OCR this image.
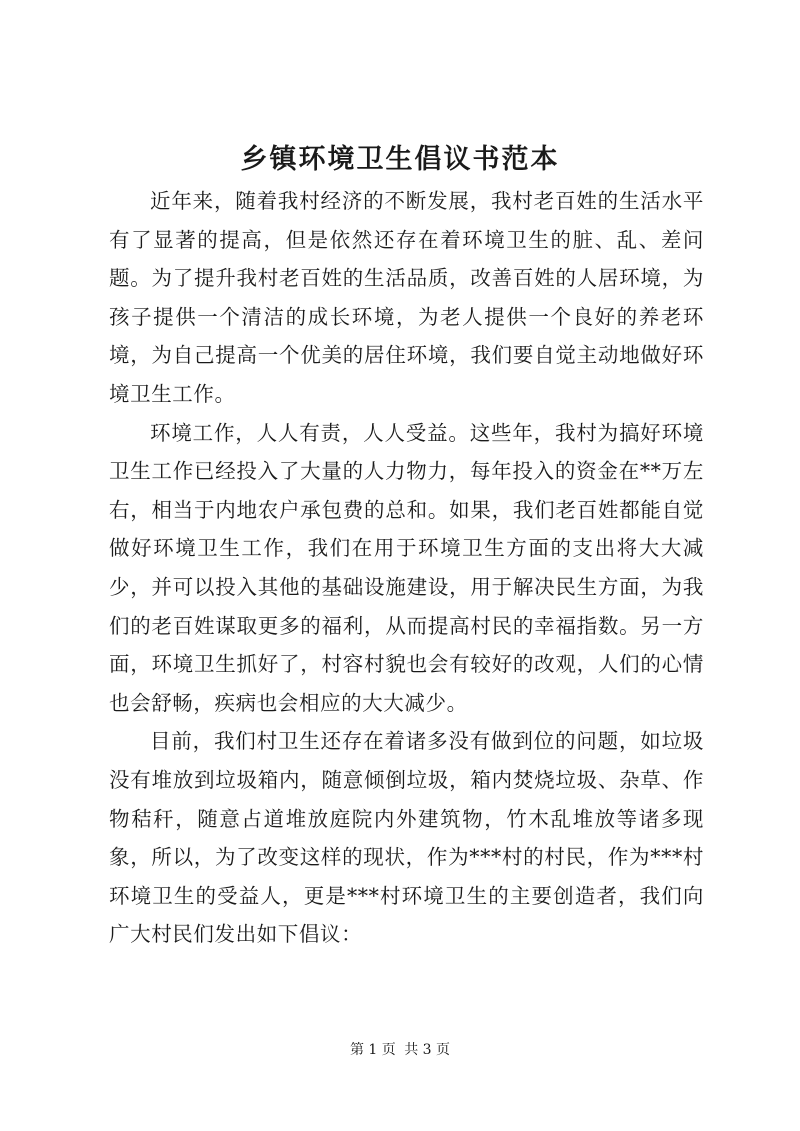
乡镇环境卫生倡议书范本

近年来，随着我村经济的不断发展，我村老百姓的生活水平有了显著的提高，但是依然还存在着环境卫生的脏、乱、差问题。为了提升我村老百姓的生活品质，改善百姓的人居环境，为孩子提供一个清洁的成长环境，为老人提供一个良好的养老环境，为自己提高一个优美的居住环境，我们要自觉主动地做好环境卫生工作。

环境工作，人人有责，人人受益。这些年，我村为搞好环境卫生工作已经投入了大量的人力物力，每年投入的资金在**万左右，相当于内地农户承包费的总和。如果，我们老百姓都能自觉做好环境卫生工作，我们在用于环境卫生方面的支出将大大减少，并可以投入其他的基础设施建设，用于解决民生方面，为我们的老百姓谋取更多的福利，从而提高村民的幸福指数。另一方面，环境卫生抓好了，村容村貌也会有较好的改观，人们的心情也会舒畅，疾病也会相应的大大减少。

目前，我们村卫生还存在着诸多没有做到位的问题，如垃圾没有堆放到垃圾箱内，随意倾倒垃圾，箱内焚烧垃圾、杂草、作物秸秆，随意占道堆放庭院内外建筑物，竹木乱堆放等诸多现象，所以，为了改变这样的现状，作为***村的村民，作为***村环境卫生的受益人，更是***村环境卫生的主要创造者，我们向广大村民们发出如下倡议：

第 1 页 共 3 页
